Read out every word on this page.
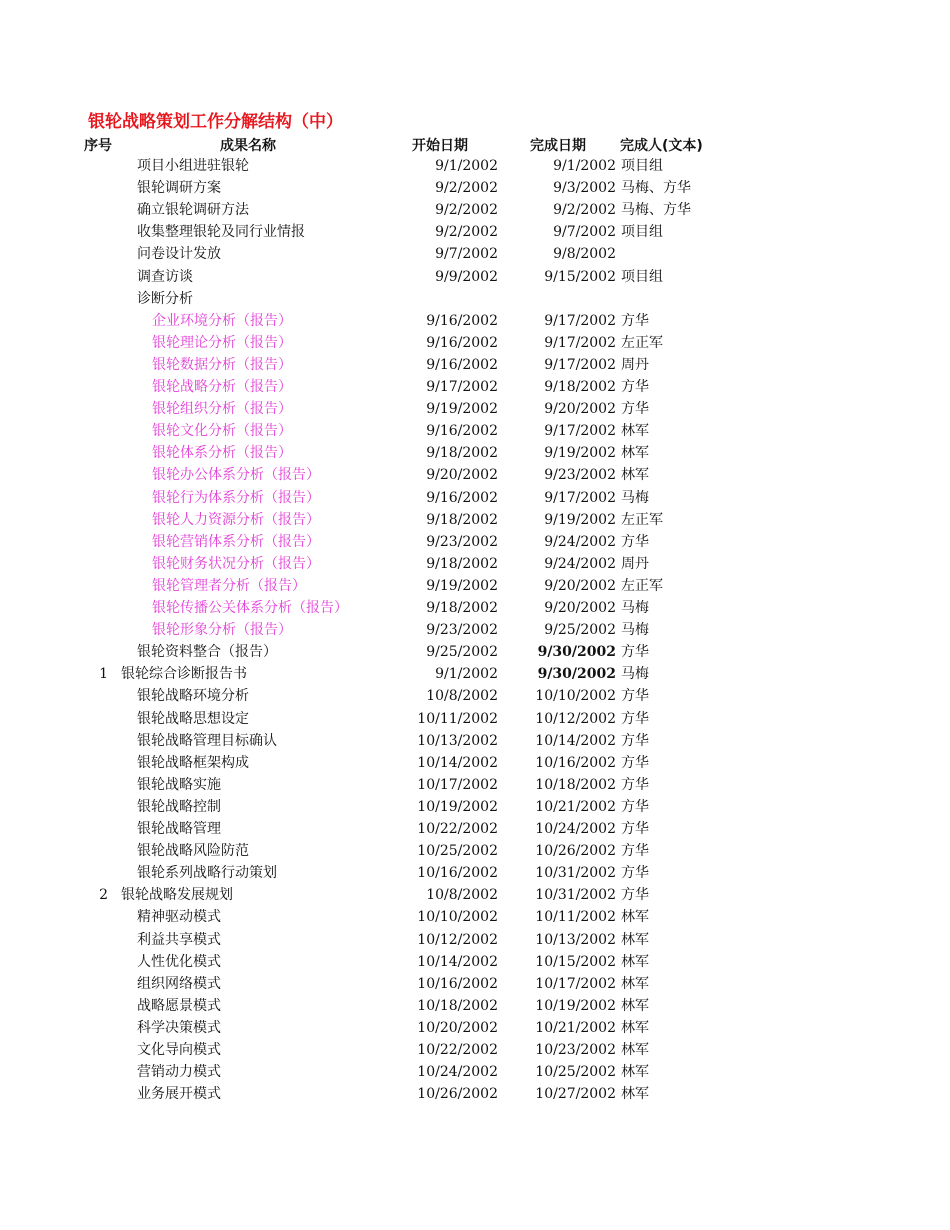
银轮战略策划工作分解结构（中）
序号	成果名称	开始日期	完成日期 完成人(文本)
项目小组进驻银轮	9/1/2002	9/1/2002 项目组
银轮调研方案	9/2/2002	9/3/2002 马梅、方华
确立银轮调研方法	9/2/2002	9/2/2002 马梅、方华
收集整理银轮及同行业情报	9/2/2002	9/7/2002 项目组
问卷设计发放	9/7/2002	9/8/2002
调查访谈	9/9/2002	9/15/2002 项目组
诊断分析
企业环境分析（报告）	9/16/2002	9/17/2002 方华
银轮理论分析（报告）	9/16/2002	9/17/2002 左正军
银轮数据分析（报告）	9/16/2002	9/17/2002 周丹
银轮战略分析（报告）	9/17/2002	9/18/2002 方华
银轮组织分析（报告）	9/19/2002	9/20/2002 方华
银轮文化分析（报告）	9/16/2002	9/17/2002 林军
银轮体系分析（报告）	9/18/2002	9/19/2002 林军
银轮办公体系分析（报告）	9/20/2002	9/23/2002 林军
银轮行为体系分析（报告）	9/16/2002	9/17/2002 马梅
银轮人力资源分析（报告）	9/18/2002	9/19/2002 左正军
银轮营销体系分析（报告）	9/23/2002	9/24/2002 方华
银轮财务状况分析（报告）	9/18/2002	9/24/2002 周丹
银轮管理者分析（报告）	9/19/2002	9/20/2002 左正军
银轮传播公关体系分析（报告）	9/18/2002	9/20/2002 马梅
银轮形象分析（报告）	9/23/2002	9/25/2002 马梅
银轮资料整合（报告）	9/25/2002	9/30/2002 方华
1 银轮综合诊断报告书	9/1/2002	9/30/2002 马梅
银轮战略环境分析	10/8/2002	10/10/2002 方华
银轮战略思想设定	10/11/2002	10/12/2002 方华
银轮战略管理目标确认	10/13/2002	10/14/2002 方华
银轮战略框架构成	10/14/2002	10/16/2002 方华
银轮战略实施	10/17/2002	10/18/2002 方华
银轮战略控制	10/19/2002	10/21/2002 方华
银轮战略管理	10/22/2002	10/24/2002 方华
银轮战略风险防范	10/25/2002	10/26/2002 方华
银轮系列战略行动策划	10/16/2002	10/31/2002 方华
2 银轮战略发展规划	10/8/2002	10/31/2002 方华
精神驱动模式	10/10/2002	10/11/2002 林军
利益共享模式	10/12/2002	10/13/2002 林军
人性优化模式	10/14/2002	10/15/2002 林军
组织网络模式	10/16/2002	10/17/2002 林军
战略愿景模式	10/18/2002	10/19/2002 林军
科学决策模式	10/20/2002	10/21/2002 林军
文化导向模式	10/22/2002	10/23/2002 林军
营销动力模式	10/24/2002	10/25/2002 林军
业务展开模式	10/26/2002	10/27/2002 林军
